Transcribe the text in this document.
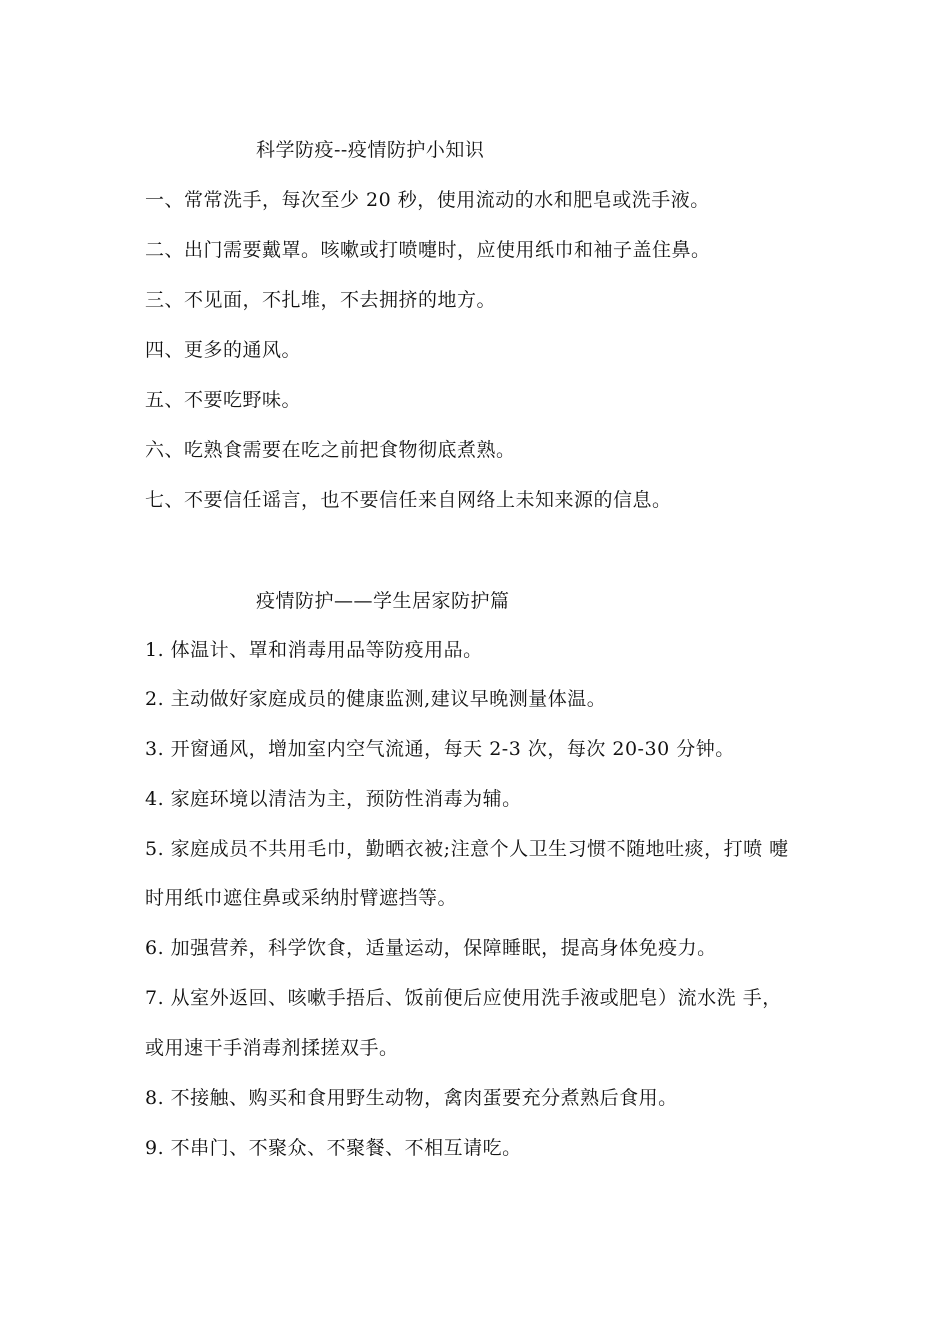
科学防疫--疫情防护小知识
一、常常洗手，每次至少 20 秒，使用流动的水和肥皂或洗手液。
二、出门需要戴罩。咳嗽或打喷嚏时，应使用纸巾和袖子盖住鼻。
三、不见面，不扎堆，不去拥挤的地方。
四、更多的通风。
五、不要吃野味。
六、吃熟食需要在吃之前把食物彻底煮熟。
七、不要信任谣言，也不要信任来自网络上未知来源的信息。
疫情防护——学生居家防护篇
1. 体温计、罩和消毒用品等防疫用品。
2. 主动做好家庭成员的健康监测,建议早晚测量体温。
3. 开窗通风，增加室内空气流通，每天 2-3 次，每次 20-30 分钟。
4. 家庭环境以清洁为主，预防性消毒为辅。
5. 家庭成员不共用毛巾，勤晒衣被;注意个人卫生习惯不随地吐痰，打喷 嚏
时用纸巾遮住鼻或采纳肘臂遮挡等。
6. 加强营养，科学饮食，适量运动，保障睡眠，提高身体免疫力。
7. 从室外返回、咳嗽手捂后、饭前便后应使用洗手液或肥皂）流水洗 手，
或用速干手消毒剂揉搓双手。
8. 不接触、购买和食用野生动物，禽肉蛋要充分煮熟后食用。
9. 不串门、不聚众、不聚餐、不相互请吃。
